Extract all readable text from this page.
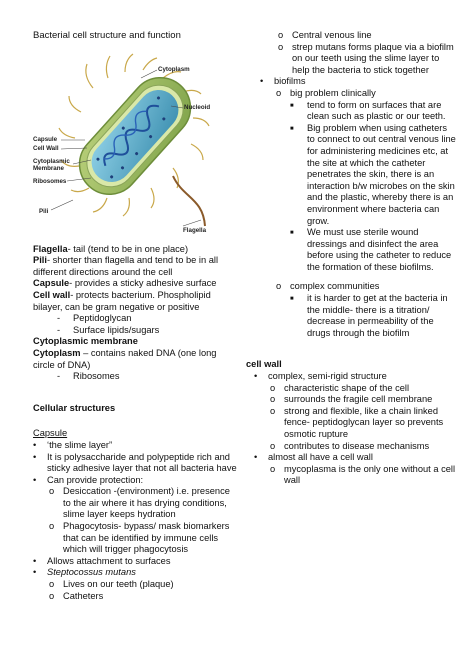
Bacterial cell structure and function

Cytoplasm
Nucleoid
Capsule
Cell Wall
Cytoplasmic
Membrane
Ribosomes
Pili
Flagella

Flagella- tail (tend to be in one place)

Pili- shorter than flagella and tend to be in all different directions around the cell

Capsule- provides a sticky adhesive surface

Cell wall- protects bacterium. Phospholipid bilayer, can be gram negative or positive

-	Peptidoglycan
-	Surface lipids/sugars

Cytoplasmic membrane

Cytoplasm – contains naked DNA (one long circle of DNA)

-	Ribosomes

Cellular structures

Capsule

•	‘the slime layer”
•	It is polysaccharide and polypeptide rich and sticky adhesive layer that not all bacteria have
•	Can provide protection:
o Desiccation -(environment) i.e. presence to the air where it has drying conditions, slime layer keeps hydration
o Phagocytosis- bypass/ mask biomarkers that can be identified by immune cells which will trigger phagocytosis
•	Allows attachment to surfaces
•	Steptocossus mutans
o Lives on our teeth (plaque)
o Catheters
o Central venous line
o strep mutans forms plaque via a biofilm on our teeth using the slime layer to help the bacteria to stick together
•	biofilms
o big problem clinically
■	tend to form on surfaces that are clean such as plastic or our teeth.
■	Big problem when using catheters to connect to out central venous line for administering medicines etc, at the site at which the catheter penetrates the skin, there is an interaction b/w microbes on the skin and the plastic, whereby there is an environment where bacteria can grow.
■	We must use sterile wound dressings and disinfect the area before using the catheter to reduce the formation of these biofilms.
o complex communities
■	it is harder to get at the bacteria in the middle- there is a titration/ decrease in permeability of the drugs through the biofilm

cell wall

•	complex, semi-rigid structure
o characteristic shape of the cell
o surrounds the fragile cell membrane
o strong and flexible, like a chain linked fence- peptidoglycan layer so prevents osmotic rupture
o contributes to disease mechanisms
•	almost all have a cell wall
o mycoplasma is the only one without a cell wall
